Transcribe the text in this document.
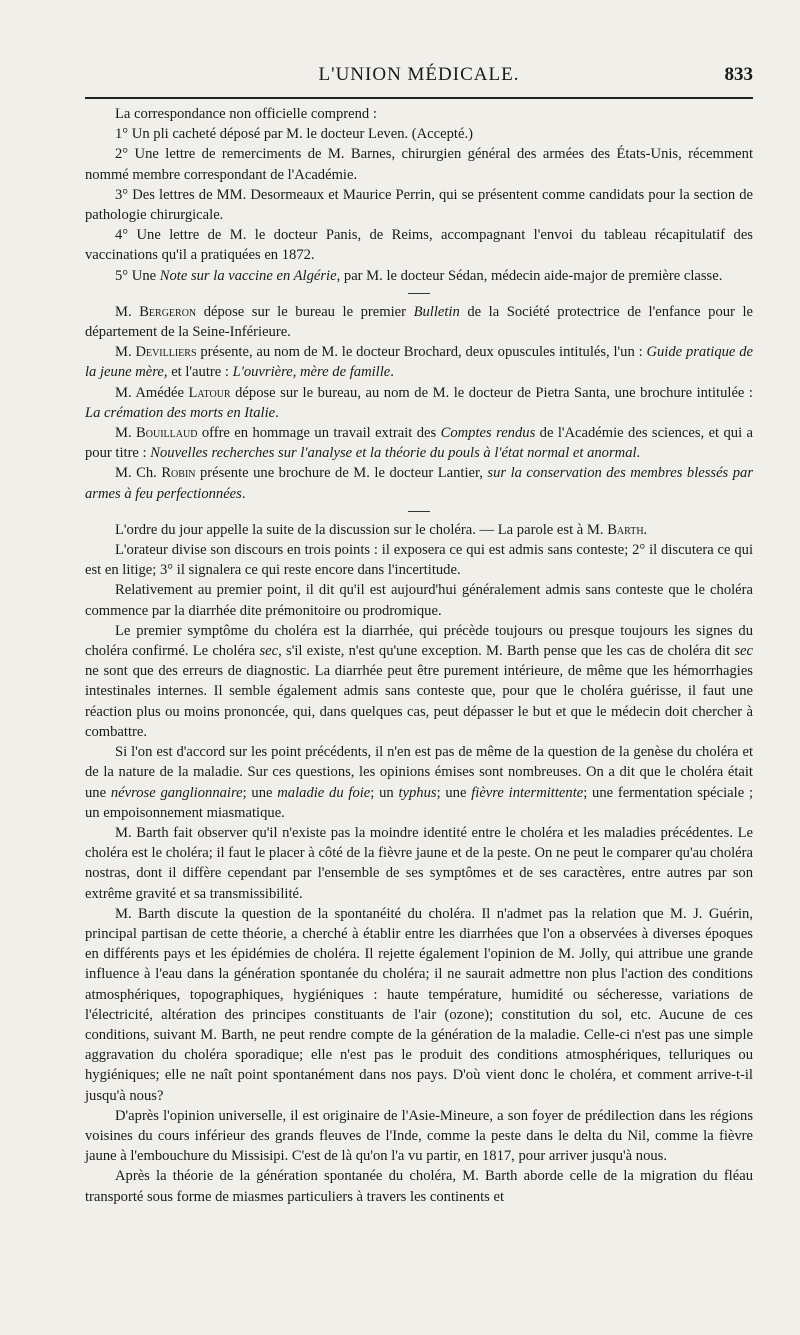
L'UNION MÉDICALE.	833

La correspondance non officielle comprend :

1° Un pli cacheté déposé par M. le docteur Leven. (Accepté.)

2° Une lettre de remerciments de M. Barnes, chirurgien général des armées des États-Unis, récemment nommé membre correspondant de l'Académie.

3° Des lettres de MM. Desormeaux et Maurice Perrin, qui se présentent comme candidats pour la section de pathologie chirurgicale.

4° Une lettre de M. le docteur Panis, de Reims, accompagnant l'envoi du tableau récapitulatif des vaccinations qu'il a pratiquées en 1872.

5° Une Note sur la vaccine en Algérie, par M. le docteur Sédan, médecin aide-major de première classe.

M. Bergeron dépose sur le bureau le premier Bulletin de la Société protectrice de l'enfance pour le département de la Seine-Inférieure.

M. Devilliers présente, au nom de M. le docteur Brochard, deux opuscules intitulés, l'un : Guide pratique de la jeune mère, et l'autre : L'ouvrière, mère de famille.

M. Amédée Latour dépose sur le bureau, au nom de M. le docteur de Pietra Santa, une brochure intitulée : La crémation des morts en Italie.

M. Bouillaud offre en hommage un travail extrait des Comptes rendus de l'Académie des sciences, et qui a pour titre : Nouvelles recherches sur l'analyse et la théorie du pouls à l'état normal et anormal.

M. Ch. Robin présente une brochure de M. le docteur Lantier, sur la conservation des membres blessés par armes à feu perfectionnées.

L'ordre du jour appelle la suite de la discussion sur le choléra. — La parole est à M. Barth.

L'orateur divise son discours en trois points : il exposera ce qui est admis sans conteste; 2° il discutera ce qui est en litige; 3° il signalera ce qui reste encore dans l'incertitude.

Relativement au premier point, il dit qu'il est aujourd'hui généralement admis sans conteste que le choléra commence par la diarrhée dite prémonitoire ou prodromique.

Le premier symptôme du choléra est la diarrhée, qui précède toujours ou presque toujours les signes du choléra confirmé. Le choléra sec, s'il existe, n'est qu'une exception. M. Barth pense que les cas de choléra dit sec ne sont que des erreurs de diagnostic. La diarrhée peut être purement intérieure, de même que les hémorrhagies intestinales internes. Il semble également admis sans conteste que, pour que le choléra guérisse, il faut une réaction plus ou moins prononcée, qui, dans quelques cas, peut dépasser le but et que le médecin doit chercher à combattre.

Si l'on est d'accord sur les point précédents, il n'en est pas de même de la question de la genèse du choléra et de la nature de la maladie. Sur ces questions, les opinions émises sont nombreuses. On a dit que le choléra était une névrose ganglionnaire; une maladie du foie; un typhus; une fièvre intermittente; une fermentation spéciale ; un empoisonnement miasmatique.

M. Barth fait observer qu'il n'existe pas la moindre identité entre le choléra et les maladies précédentes. Le choléra est le choléra; il faut le placer à côté de la fièvre jaune et de la peste. On ne peut le comparer qu'au choléra nostras, dont il diffère cependant par l'ensemble de ses symptômes et de ses caractères, entre autres par son extrême gravité et sa transmissibilité.

M. Barth discute la question de la spontanéité du choléra. Il n'admet pas la relation que M. J. Guérin, principal partisan de cette théorie, a cherché à établir entre les diarrhées que l'on a observées à diverses époques en différents pays et les épidémies de choléra. Il rejette également l'opinion de M. Jolly, qui attribue une grande influence à l'eau dans la génération spontanée du choléra; il ne saurait admettre non plus l'action des conditions atmosphériques, topographiques, hygiéniques : haute température, humidité ou sécheresse, variations de l'électricité, altération des principes constituants de l'air (ozone); constitution du sol, etc. Aucune de ces conditions, suivant M. Barth, ne peut rendre compte de la génération de la maladie. Celle-ci n'est pas une simple aggravation du choléra sporadique; elle n'est pas le produit des conditions atmosphériques, telluriques ou hygiéniques; elle ne naît point spontanément dans nos pays. D'où vient donc le choléra, et comment arrive-t-il jusqu'à nous?

D'après l'opinion universelle, il est originaire de l'Asie-Mineure, a son foyer de prédilection dans les régions voisines du cours inférieur des grands fleuves de l'Inde, comme la peste dans le delta du Nil, comme la fièvre jaune à l'embouchure du Missisipi. C'est de là qu'on l'a vu partir, en 1817, pour arriver jusqu'à nous.

Après la théorie de la génération spontanée du choléra, M. Barth aborde celle de la migration du fléau transporté sous forme de miasmes particuliers à travers les continents et
